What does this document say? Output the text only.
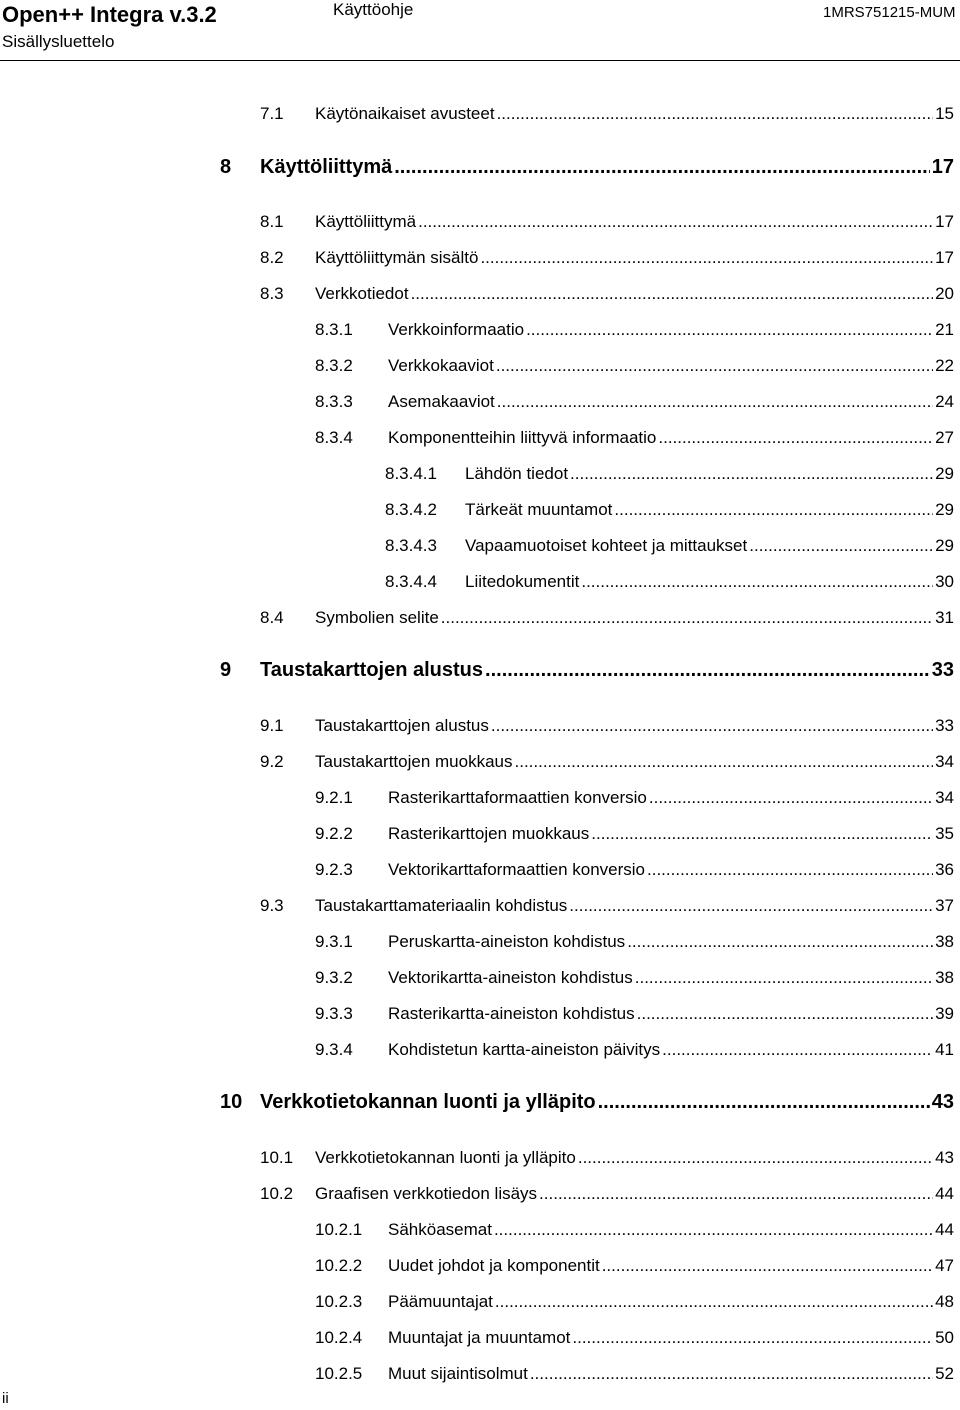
Open++ Integra v.3.2
Sisällysluettelo
Käyttöohje	1MRS751215-MUM
7.1	Käytönaikaiset avusteet .....	15
8	Käyttöliittymä .....	17
8.1	Käyttöliittymä .....	17
8.2	Käyttöliittymän sisältö .....	17
8.3	Verkkotiedot .....	20
8.3.1	Verkkoinformaatio .....	21
8.3.2	Verkkokaaviot .....	22
8.3.3	Asemakaaviot .....	24
8.3.4	Komponentteihin liittyvä informaatio .....	27
8.3.4.1	Lähdön tiedot .....	29
8.3.4.2	Tärkeät muuntamot .....	29
8.3.4.3	Vapaamuotoiset kohteet ja mittaukset .....	29
8.3.4.4	Liitedokumentit .....	30
8.4	Symbolien selite .....	31
9	Taustakarttojen alustus .....	33
9.1	Taustakarttojen alustus .....	33
9.2	Taustakarttojen muokkaus .....	34
9.2.1	Rasterikarttaformaattien konversio .....	34
9.2.2	Rasterikarttojen muokkaus .....	35
9.2.3	Vektorikarttaformaattien konversio .....	36
9.3	Taustakarttamateriaalin kohdistus .....	37
9.3.1	Peruskartta-aineiston kohdistus .....	38
9.3.2	Vektorikartta-aineiston kohdistus .....	38
9.3.3	Rasterikartta-aineiston kohdistus .....	39
9.3.4	Kohdistetun kartta-aineiston päivitys .....	41
10 Verkkotietokannan luonti ja ylläpito .....	43
10.1	Verkkotietokannan luonti ja ylläpito .....	43
10.2	Graafisen verkkotiedon lisäys .....	44
10.2.1	Sähköasemat .....	44
10.2.2	Uudet johdot ja komponentit .....	47
10.2.3	Päämuuntajat .....	48
10.2.4	Muuntajat ja muuntamot .....	50
10.2.5	Muut sijaintisolmut .....	52
ii
